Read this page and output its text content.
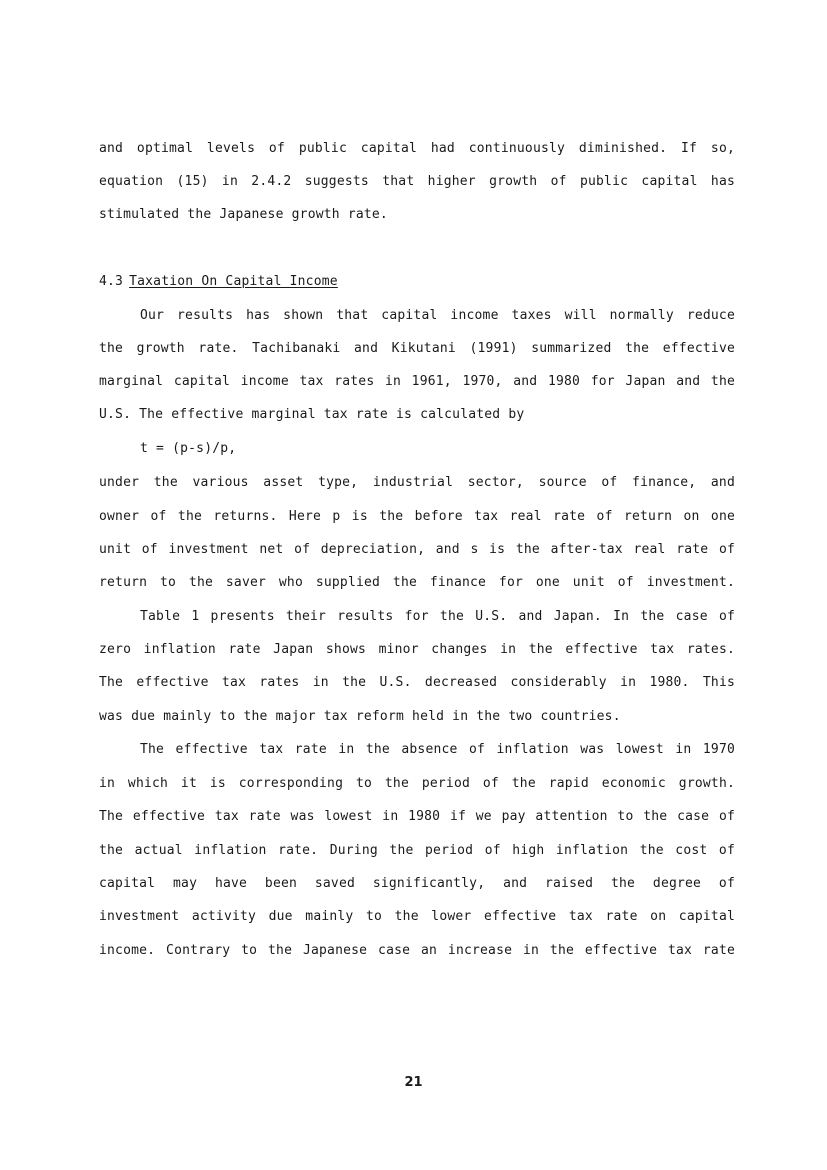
and optimal levels of public capital had continuously diminished. If so,
equation (15) in 2.4.2 suggests that higher growth of public capital has
stimulated the Japanese growth rate.
4.3 Taxation On Capital Income
Our results has shown that capital income taxes will normally reduce
the growth rate. Tachibanaki and Kikutani (1991) summarized the effective
marginal capital income tax rates in 1961, 1970, and 1980 for Japan and the
U.S. The effective marginal tax rate is calculated by
t = (p-s)/p,
under the various asset type, industrial sector, source of finance, and
owner of the returns. Here p is the before tax real rate of return on one
unit of investment net of depreciation, and s is the after-tax real rate of
return to the saver who supplied the finance for one unit of investment.
Table 1 presents their results for the U.S. and Japan. In the case of
zero inflation rate Japan shows minor changes in the effective tax rates.
The effective tax rates in the U.S. decreased considerably in 1980. This
was due mainly to the major tax reform held in the two countries.
The effective tax rate in the absence of inflation was lowest in 1970
in which it is corresponding to the period of the rapid economic growth.
The effective tax rate was lowest in 1980 if we pay attention to the case of
the actual inflation rate. During the period of high inflation the cost of
capital may have been saved significantly, and raised the degree of
investment activity due mainly to the lower effective tax rate on capital
income. Contrary to the Japanese case an increase in the effective tax rate
21
